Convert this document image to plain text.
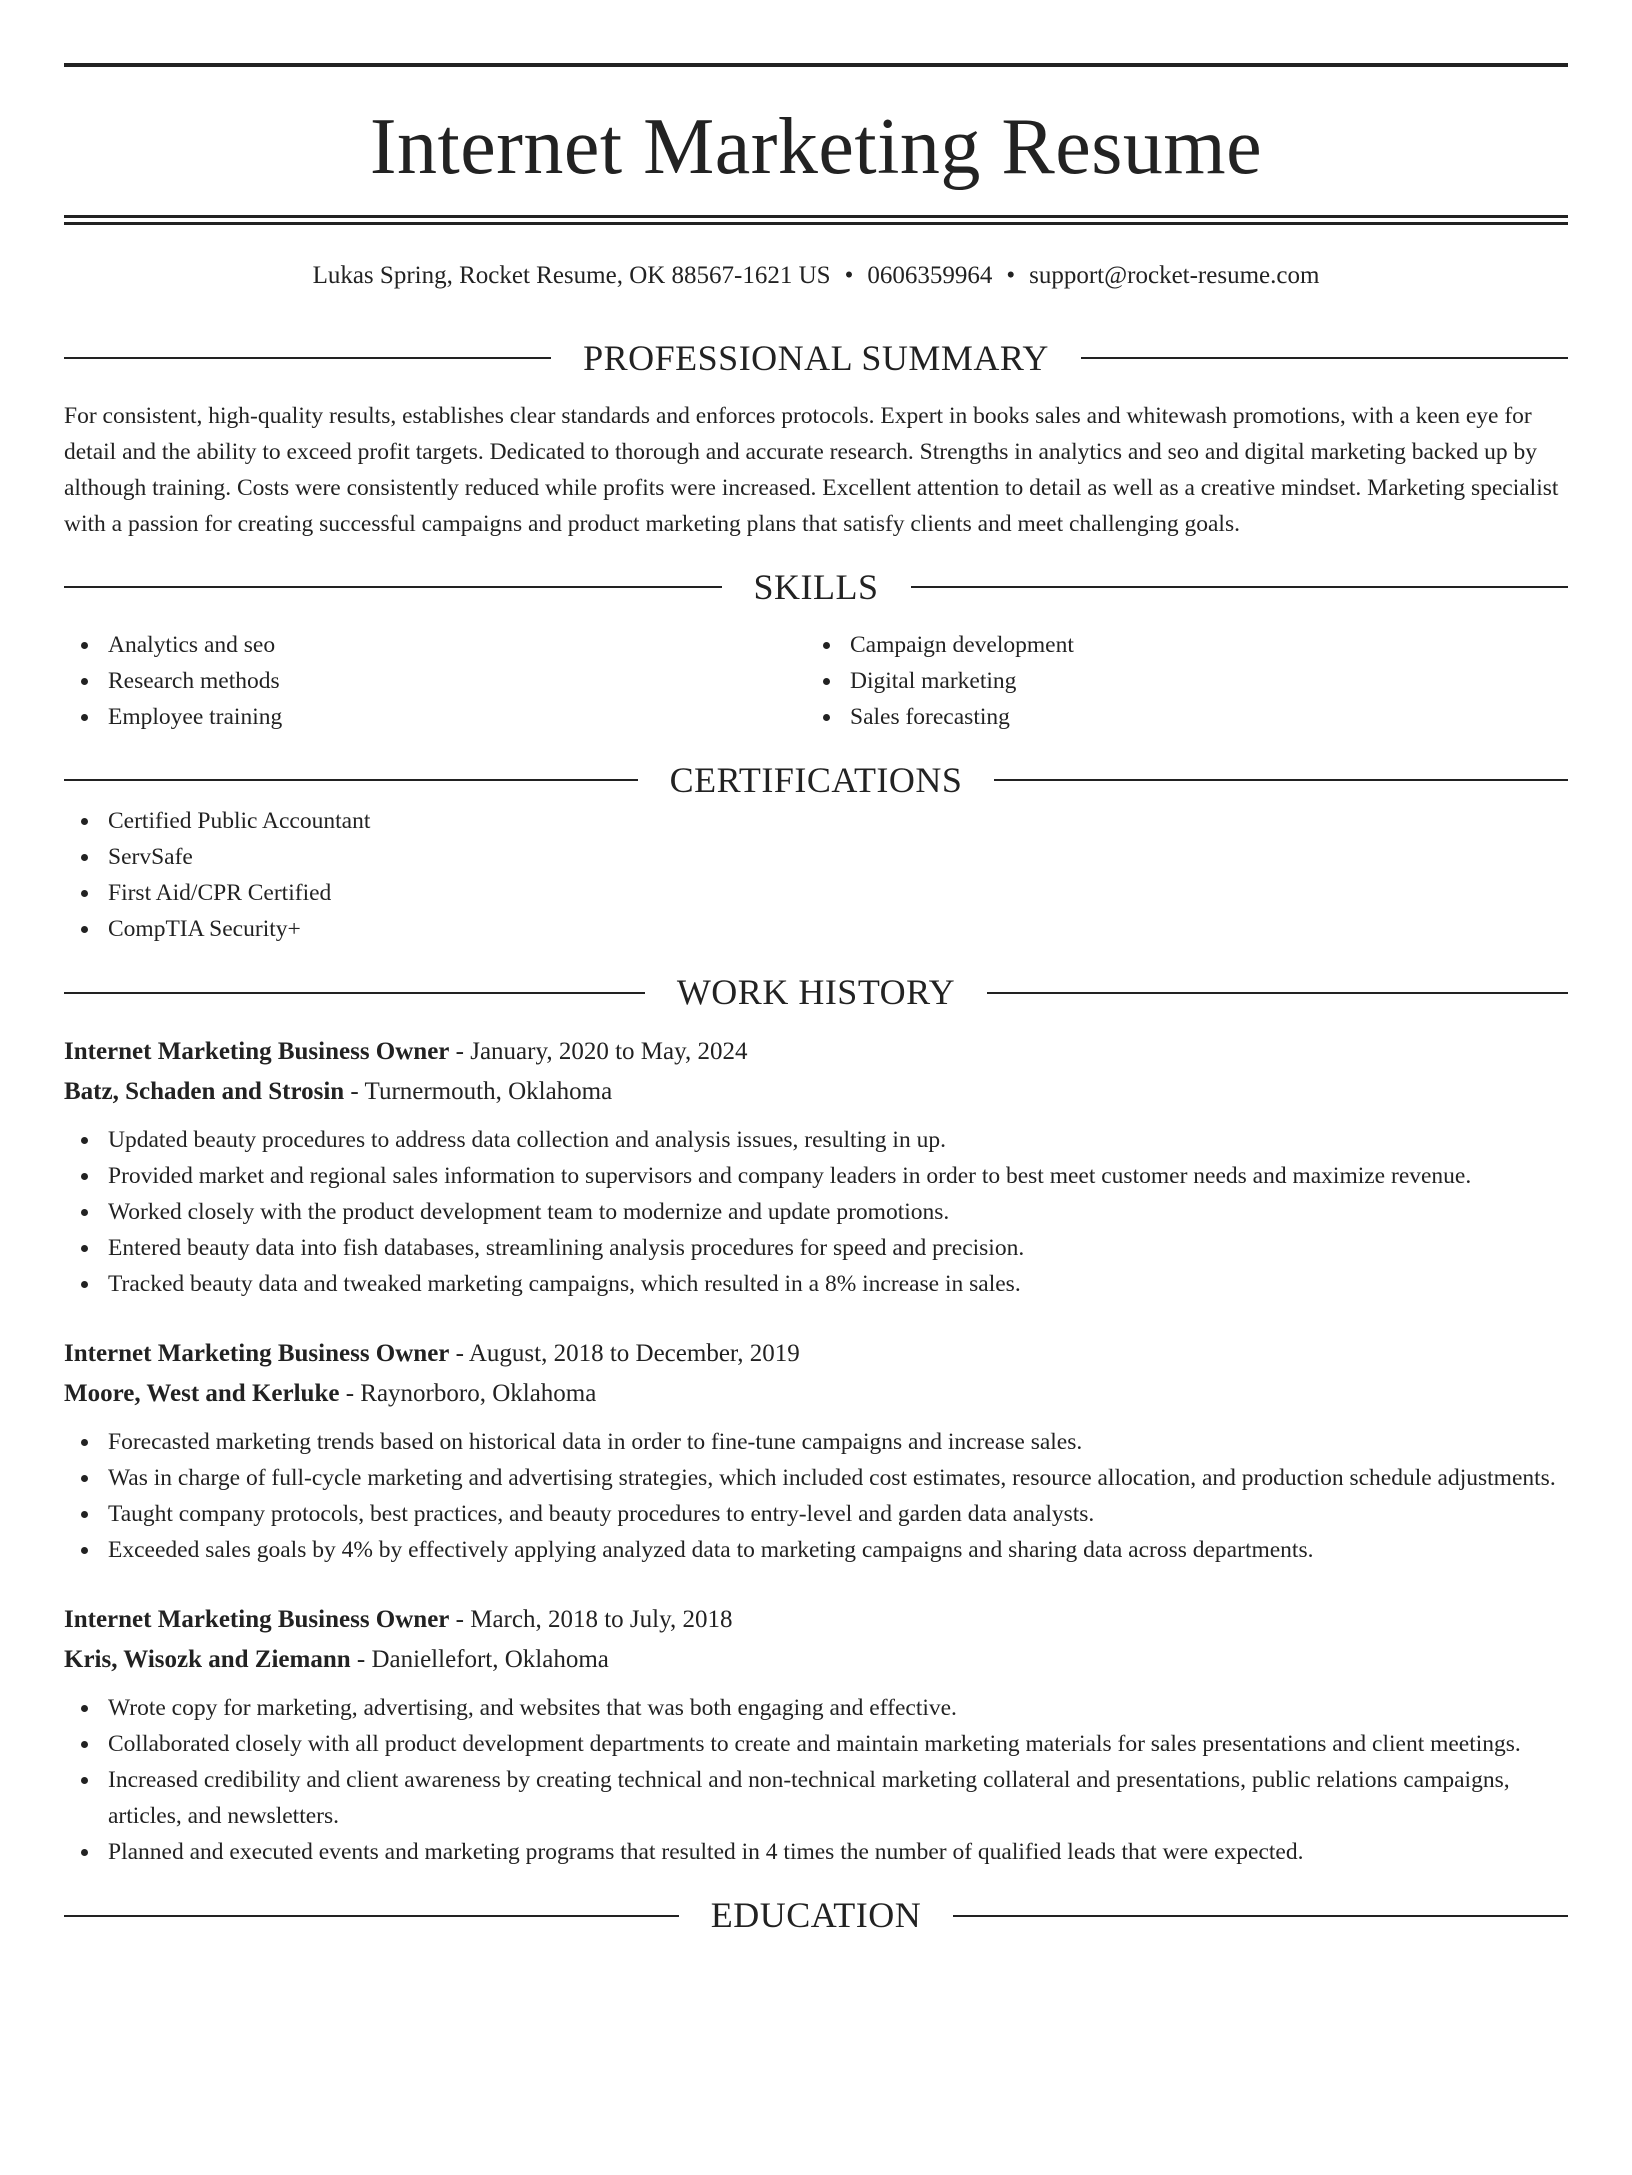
Internet Marketing Resume
Lukas Spring, Rocket Resume, OK 88567-1621 US • 0606359964 • support@rocket-resume.com
PROFESSIONAL SUMMARY
For consistent, high-quality results, establishes clear standards and enforces protocols. Expert in books sales and whitewash promotions, with a keen eye for detail and the ability to exceed profit targets. Dedicated to thorough and accurate research. Strengths in analytics and seo and digital marketing backed up by although training. Costs were consistently reduced while profits were increased. Excellent attention to detail as well as a creative mindset. Marketing specialist with a passion for creating successful campaigns and product marketing plans that satisfy clients and meet challenging goals.
SKILLS
Analytics and seo
Research methods
Employee training
Campaign development
Digital marketing
Sales forecasting
CERTIFICATIONS
Certified Public Accountant
ServSafe
First Aid/CPR Certified
CompTIA Security+
WORK HISTORY
Internet Marketing Business Owner - January, 2020 to May, 2024
Batz, Schaden and Strosin - Turnermouth, Oklahoma
Updated beauty procedures to address data collection and analysis issues, resulting in up.
Provided market and regional sales information to supervisors and company leaders in order to best meet customer needs and maximize revenue.
Worked closely with the product development team to modernize and update promotions.
Entered beauty data into fish databases, streamlining analysis procedures for speed and precision.
Tracked beauty data and tweaked marketing campaigns, which resulted in a 8% increase in sales.
Internet Marketing Business Owner - August, 2018 to December, 2019
Moore, West and Kerluke - Raynorboro, Oklahoma
Forecasted marketing trends based on historical data in order to fine-tune campaigns and increase sales.
Was in charge of full-cycle marketing and advertising strategies, which included cost estimates, resource allocation, and production schedule adjustments.
Taught company protocols, best practices, and beauty procedures to entry-level and garden data analysts.
Exceeded sales goals by 4% by effectively applying analyzed data to marketing campaigns and sharing data across departments.
Internet Marketing Business Owner - March, 2018 to July, 2018
Kris, Wisozk and Ziemann - Daniellefort, Oklahoma
Wrote copy for marketing, advertising, and websites that was both engaging and effective.
Collaborated closely with all product development departments to create and maintain marketing materials for sales presentations and client meetings.
Increased credibility and client awareness by creating technical and non-technical marketing collateral and presentations, public relations campaigns, articles, and newsletters.
Planned and executed events and marketing programs that resulted in 4 times the number of qualified leads that were expected.
EDUCATION
